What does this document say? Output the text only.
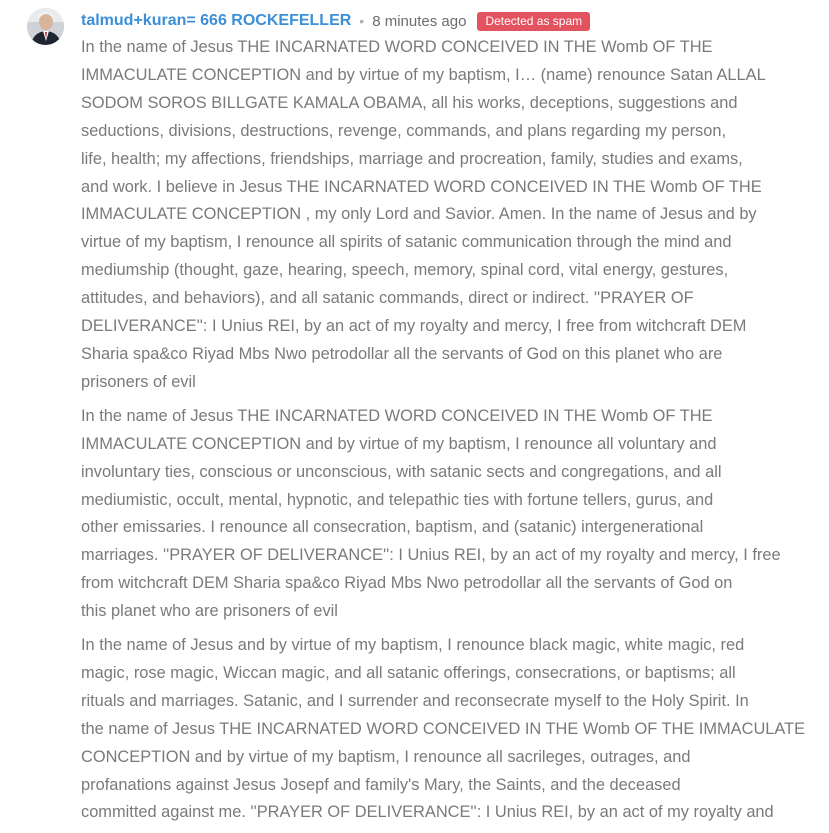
talmud+kuran= 666 ROCKEFELLER • 8 minutes ago	Detected as spam

In the name of Jesus THE INCARNATED WORD CONCEIVED IN THE Womb OF THE
IMMACULATE CONCEPTION and by virtue of my baptism, I… (name) renounce Satan ALLAL
SODOM SOROS BILLGATE KAMALA OBAMA, all his works, deceptions, suggestions and
seductions, divisions, destructions, revenge, commands, and plans regarding my person,
life, health; my affections, friendships, marriage and procreation, family, studies and exams,
and work. I believe in Jesus THE INCARNATED WORD CONCEIVED IN THE Womb OF THE
IMMACULATE CONCEPTION , my only Lord and Savior. Amen. In the name of Jesus and by
virtue of my baptism, I renounce all spirits of satanic communication through the mind and
mediumship (thought, gaze, hearing, speech, memory, spinal cord, vital energy, gestures,
attitudes, and behaviors), and all satanic commands, direct or indirect. ''PRAYER OF
DELIVERANCE'': I Unius REI, by an act of my royalty and mercy, I free from witchcraft DEM
Sharia spa&co Riyad Mbs Nwo petrodollar all the servants of God on this planet who are
prisoners of evil

In the name of Jesus THE INCARNATED WORD CONCEIVED IN THE Womb OF THE
IMMACULATE CONCEPTION and by virtue of my baptism, I renounce all voluntary and
involuntary ties, conscious or unconscious, with satanic sects and congregations, and all
mediumistic, occult, mental, hypnotic, and telepathic ties with fortune tellers, gurus, and
other emissaries. I renounce all consecration, baptism, and (satanic) intergenerational
marriages. ''PRAYER OF DELIVERANCE'': I Unius REI, by an act of my royalty and mercy, I free
from witchcraft DEM Sharia spa&co Riyad Mbs Nwo petrodollar all the servants of God on
this planet who are prisoners of evil

In the name of Jesus and by virtue of my baptism, I renounce black magic, white magic, red
magic, rose magic, Wiccan magic, and all satanic offerings, consecrations, or baptisms; all
rituals and marriages. Satanic, and I surrender and reconsecrate myself to the Holy Spirit. In
the name of Jesus THE INCARNATED WORD CONCEIVED IN THE Womb OF THE IMMACULATE
CONCEPTION and by virtue of my baptism, I renounce all sacrileges, outrages, and
profanations against Jesus Josepf and family's Mary, the Saints, and the deceased
committed against me. ''PRAYER OF DELIVERANCE'': I Unius REI, by an act of my royalty and
